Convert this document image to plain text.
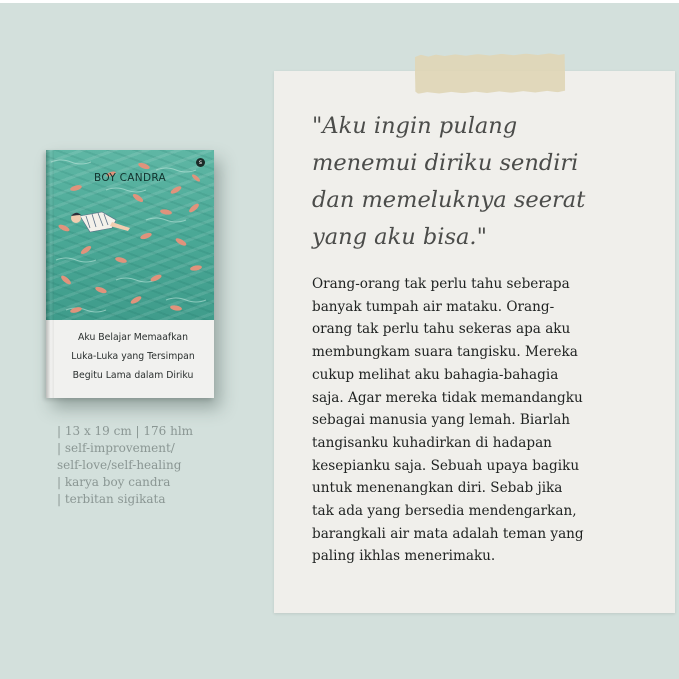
BOY CANDRA
s
Aku Belajar Memaafkan
Luka-Luka yang Tersimpan
Begitu Lama dalam Diriku
| 13 x 19 cm | 176 hlm
| self-improvement/
self-love/self-healing
| karya boy candra
| terbitan sigikata
"Aku ingin pulang
menemui diriku sendiri
dan memeluknya seerat
yang aku bisa."
Orang-orang tak perlu tahu seberapa
banyak tumpah air mataku. Orang-
orang tak perlu tahu sekeras apa aku
membungkam suara tangisku. Mereka
cukup melihat aku bahagia-bahagia
saja. Agar mereka tidak memandangku
sebagai manusia yang lemah. Biarlah
tangisanku kuhadirkan di hadapan
kesepianku saja. Sebuah upaya bagiku
untuk menenangkan diri. Sebab jika
tak ada yang bersedia mendengarkan,
barangkali air mata adalah teman yang
paling ikhlas menerimaku.
